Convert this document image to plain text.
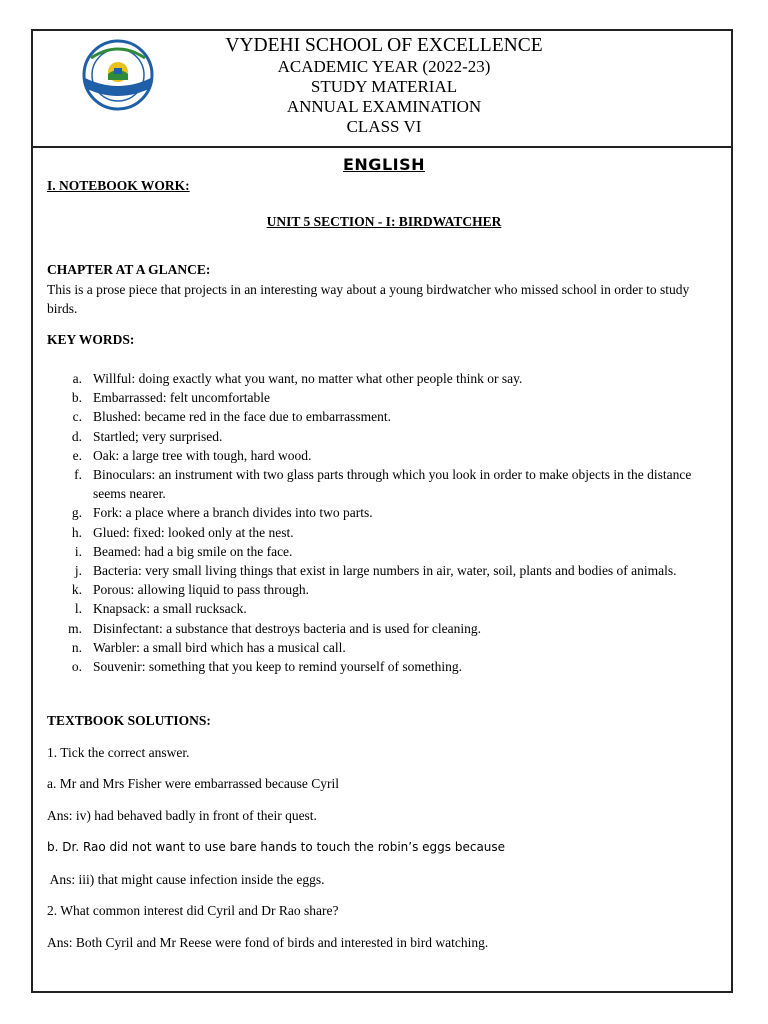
VYDEHI SCHOOL OF EXCELLENCE
ACADEMIC YEAR (2022-23)
STUDY MATERIAL
ANNUAL EXAMINATION
CLASS VI
ENGLISH
I. NOTEBOOK WORK:
UNIT 5 SECTION - I: BIRDWATCHER
CHAPTER AT A GLANCE:
This is a prose piece that projects in an interesting way about a young birdwatcher who missed school in order to study birds.
KEY WORDS:
a. Willful: doing exactly what you want, no matter what other people think or say.
b. Embarrassed: felt uncomfortable
c. Blushed: became red in the face due to embarrassment.
d. Startled; very surprised.
e. Oak: a large tree with tough, hard wood.
f. Binoculars: an instrument with two glass parts through which you look in order to make objects in the distance seems nearer.
g. Fork: a place where a branch divides into two parts.
h. Glued: fixed: looked only at the nest.
i. Beamed: had a big smile on the face.
j. Bacteria: very small living things that exist in large numbers in air, water, soil, plants and bodies of animals.
k. Porous: allowing liquid to pass through.
l. Knapsack: a small rucksack.
m. Disinfectant: a substance that destroys bacteria and is used for cleaning.
n. Warbler: a small bird which has a musical call.
o. Souvenir: something that you keep to remind yourself of something.
TEXTBOOK SOLUTIONS:
1. Tick the correct answer.
a. Mr and Mrs Fisher were embarrassed because Cyril
Ans: iv) had behaved badly in front of their quest.
b. Dr. Rao did not want to use bare hands to touch the robin’s eggs because
Ans: iii) that might cause infection inside the eggs.
2. What common interest did Cyril and Dr Rao share?
Ans: Both Cyril and Mr Reese were fond of birds and interested in bird watching.
